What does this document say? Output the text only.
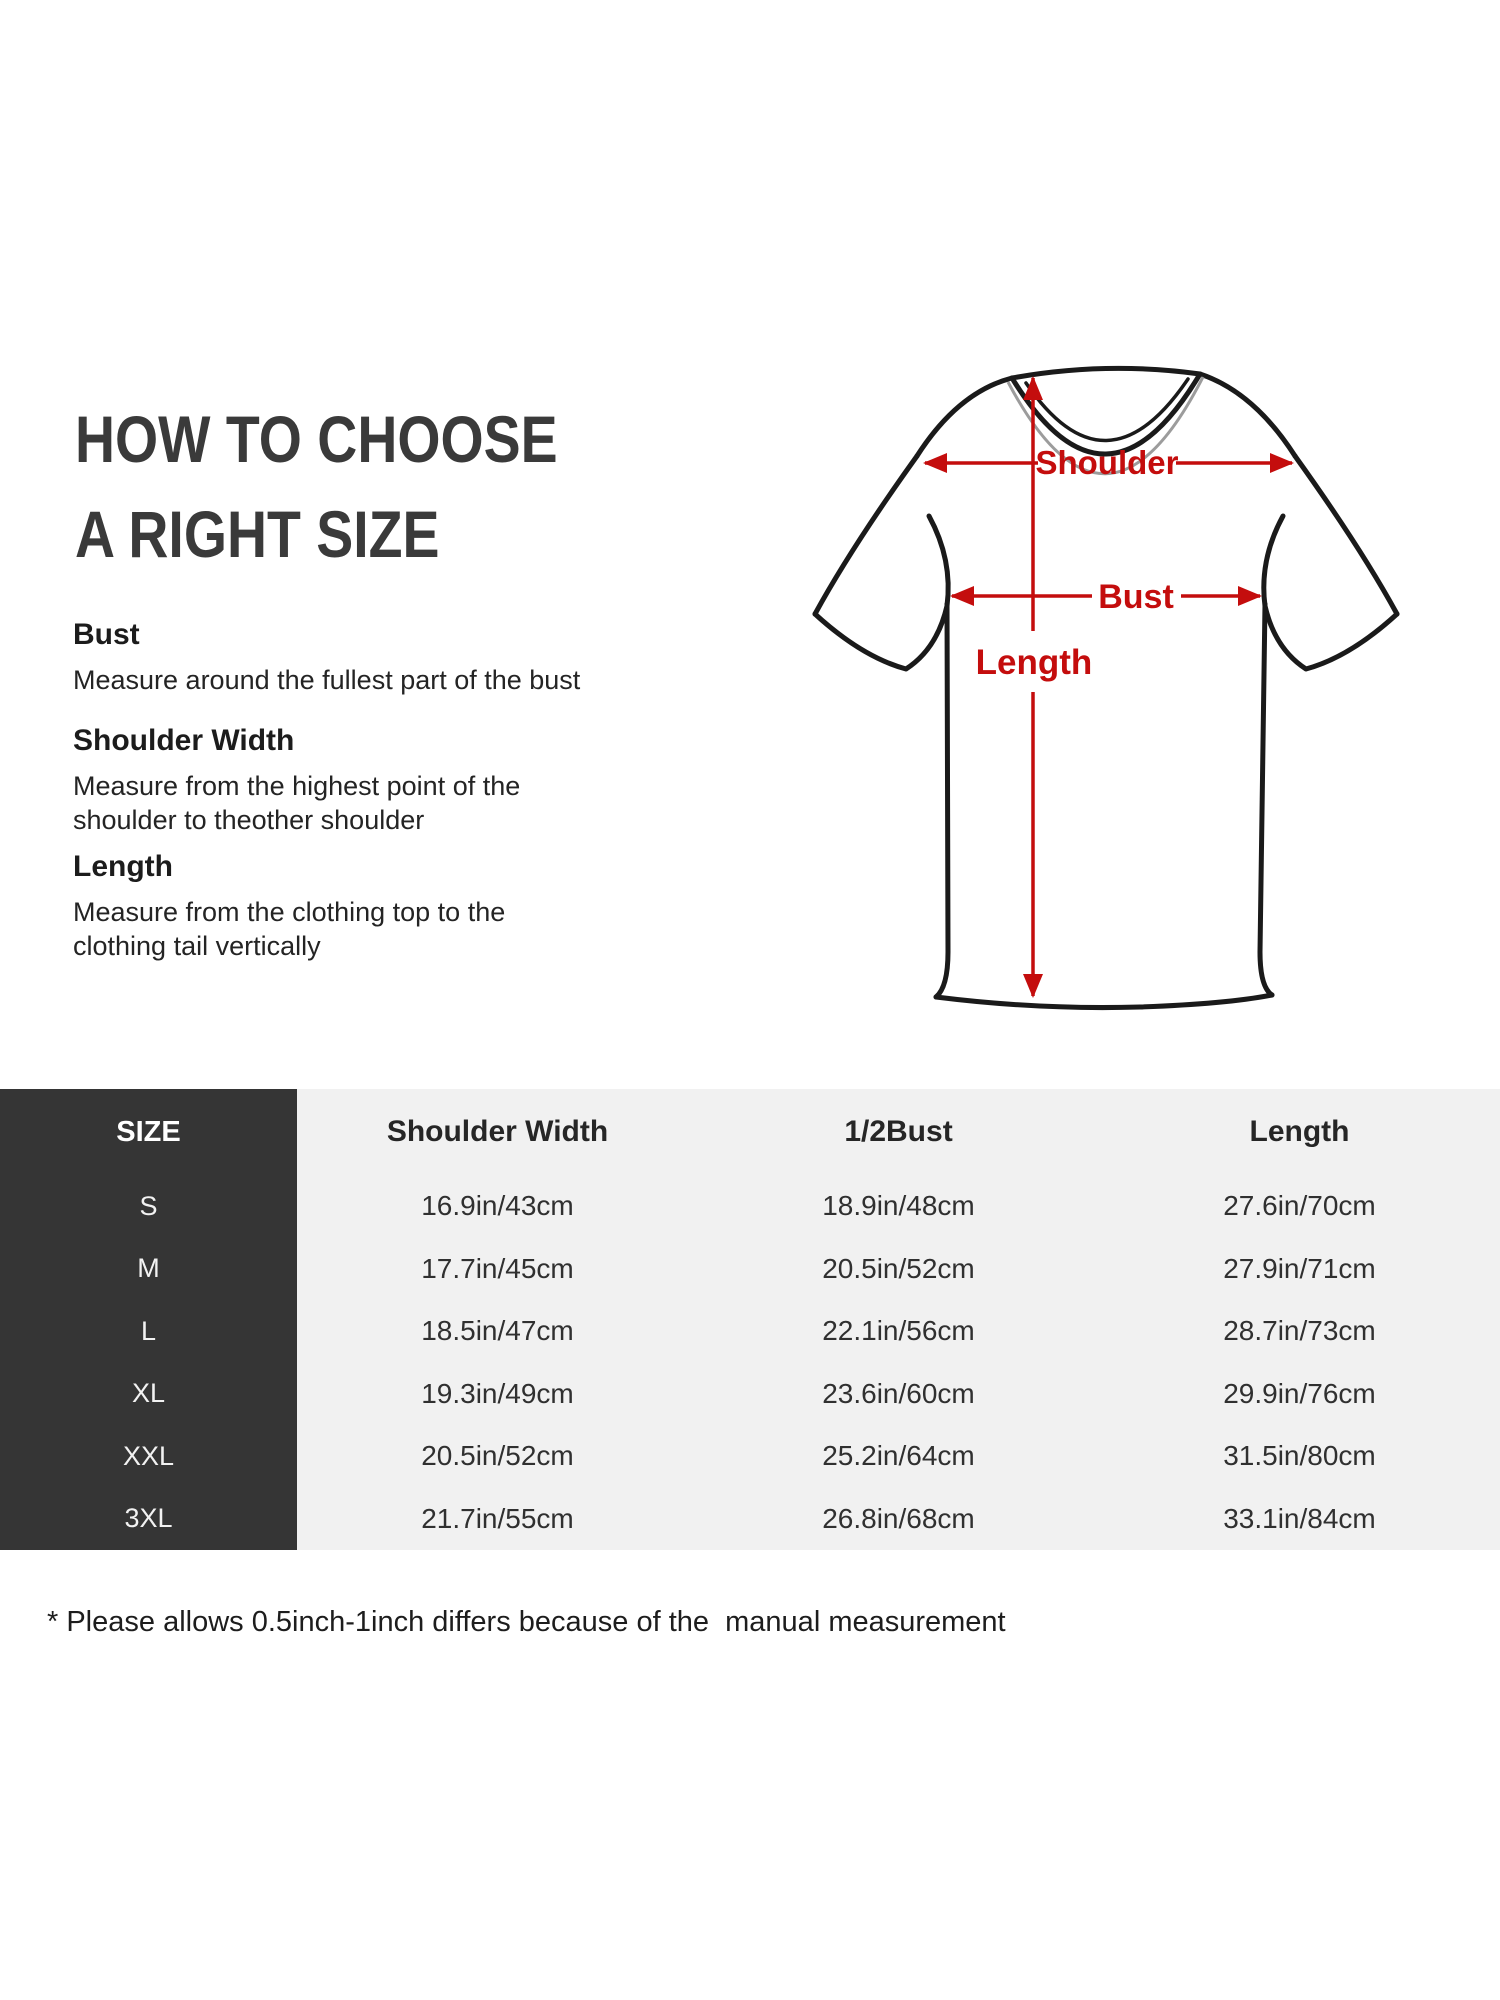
HOW TO CHOOSE
A RIGHT SIZE
Bust
Measure around the fullest part of the bust
Shoulder Width
Measure from the highest point of the
shoulder to theother shoulder
Length
Measure from the clothing top to the
clothing tail vertically
Shoulder
Bust
Length
SIZE	Shoulder Width	1/2Bust	Length
S	16.9in/43cm	18.9in/48cm	27.6in/70cm
M	17.7in/45cm	20.5in/52cm	27.9in/71cm
L	18.5in/47cm	22.1in/56cm	28.7in/73cm
XL	19.3in/49cm	23.6in/60cm	29.9in/76cm
XXL	20.5in/52cm	25.2in/64cm	31.5in/80cm
3XL	21.7in/55cm	26.8in/68cm	33.1in/84cm

* Please allows 0.5inch-1inch differs because of the  manual measurement
